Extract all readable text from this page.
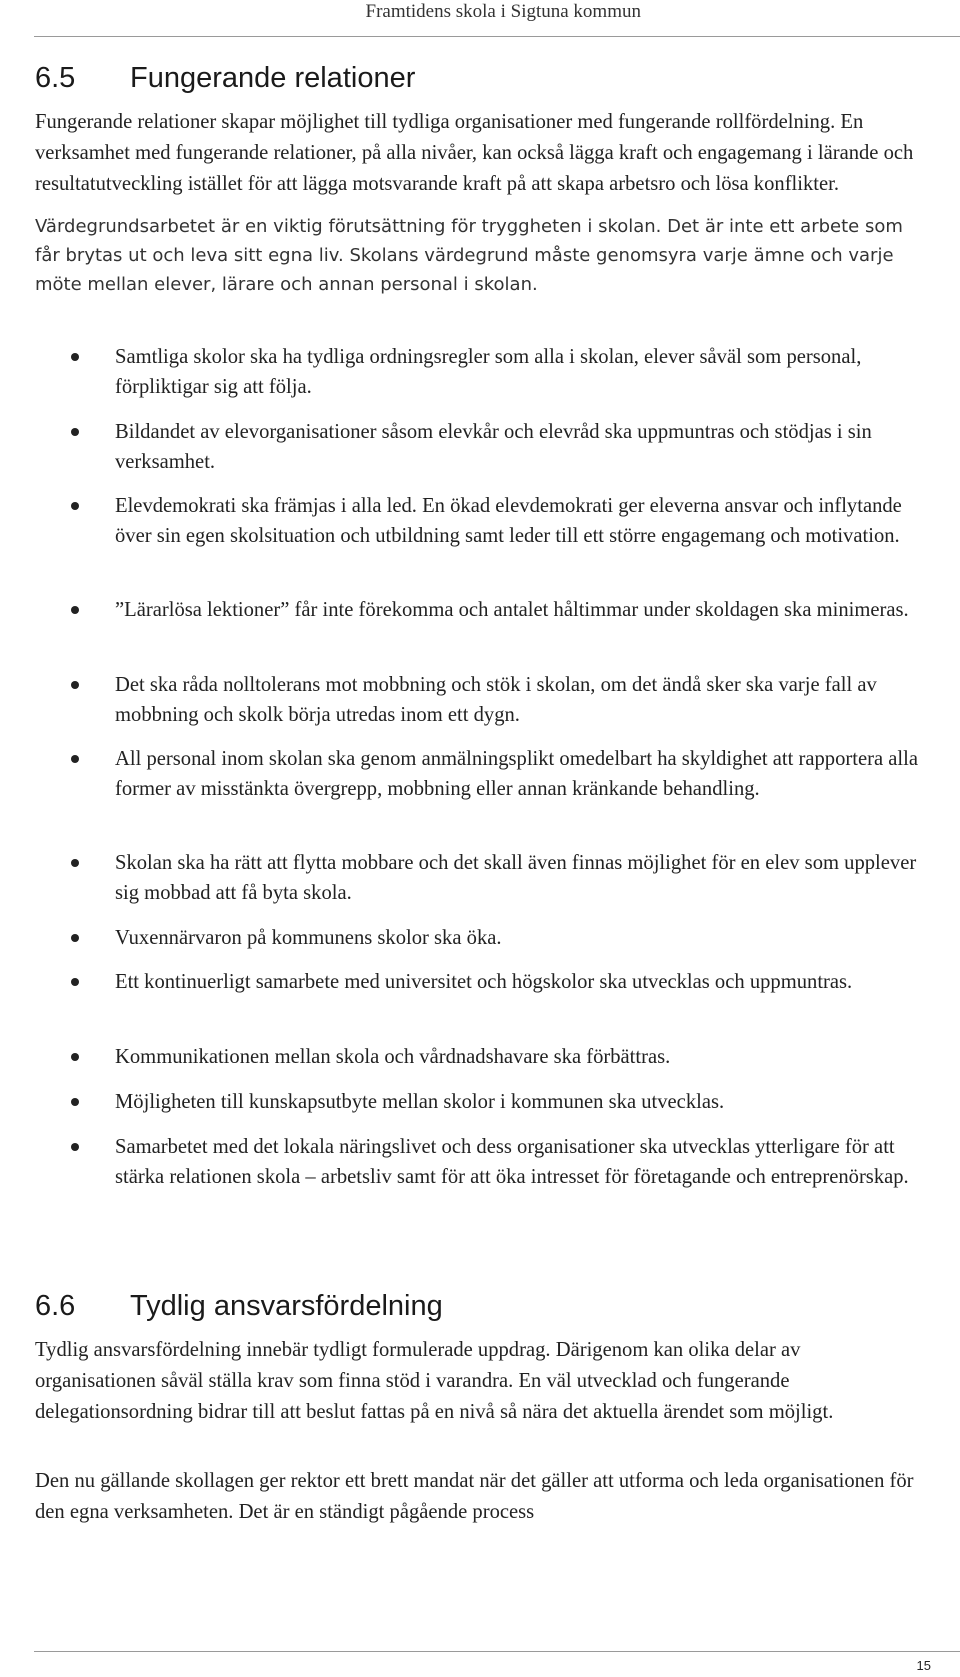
Framtidens skola i Sigtuna kommun
6.5 Fungerande relationer

Fungerande relationer skapar möjlighet till tydliga organisationer med fungerande rollfördelning. En verksamhet med fungerande relationer, på alla nivåer, kan också lägga kraft och engagemang i lärande och resultatutveckling istället för att lägga motsvarande kraft på att skapa arbetsro och lösa konflikter.

Värdegrundsarbetet är en viktig förutsättning för tryggheten i skolan. Det är inte ett arbete som får brytas ut och leva sitt egna liv. Skolans värdegrund måste genomsyra varje ämne och varje möte mellan elever, lärare och annan personal i skolan.

Samtliga skolor ska ha tydliga ordningsregler som alla i skolan, elever såväl som personal, förpliktigar sig att följa.
Bildandet av elevorganisationer såsom elevkår och elevråd ska uppmuntras och stödjas i sin verksamhet.
Elevdemokrati ska främjas i alla led. En ökad elevdemokrati ger eleverna ansvar och inflytande över sin egen skolsituation och utbildning samt leder till ett större engagemang och motivation.
”Lärarlösa lektioner” får inte förekomma och antalet håltimmar under skoldagen ska minimeras.
Det ska råda nolltolerans mot mobbning och stök i skolan, om det ändå sker ska varje fall av mobbning och skolk börja utredas inom ett dygn.
All personal inom skolan ska genom anmälningsplikt omedelbart ha skyldighet att rapportera alla former av misstänkta övergrepp, mobbning eller annan kränkande behandling.
Skolan ska ha rätt att flytta mobbare och det skall även finnas möjlighet för en elev som upplever sig mobbad att få byta skola.
Vuxennärvaron på kommunens skolor ska öka.
Ett kontinuerligt samarbete med universitet och högskolor ska utvecklas och uppmuntras.
Kommunikationen mellan skola och vårdnadshavare ska förbättras.
Möjligheten till kunskapsutbyte mellan skolor i kommunen ska utvecklas.
Samarbetet med det lokala näringslivet och dess organisationer ska utvecklas ytterligare för att stärka relationen skola – arbetsliv samt för att öka intresset för företagande och entreprenörskap.
6.6 Tydlig ansvarsfördelning

Tydlig ansvarsfördelning innebär tydligt formulerade uppdrag. Därigenom kan olika delar av organisationen såväl ställa krav som finna stöd i varandra. En väl utvecklad och fungerande delegationsordning bidrar till att beslut fattas på en nivå så nära det aktuella ärendet som möjligt.

Den nu gällande skollagen ger rektor ett brett mandat när det gäller att utforma och leda organisationen för den egna verksamheten. Det är en ständigt pågående process

15
